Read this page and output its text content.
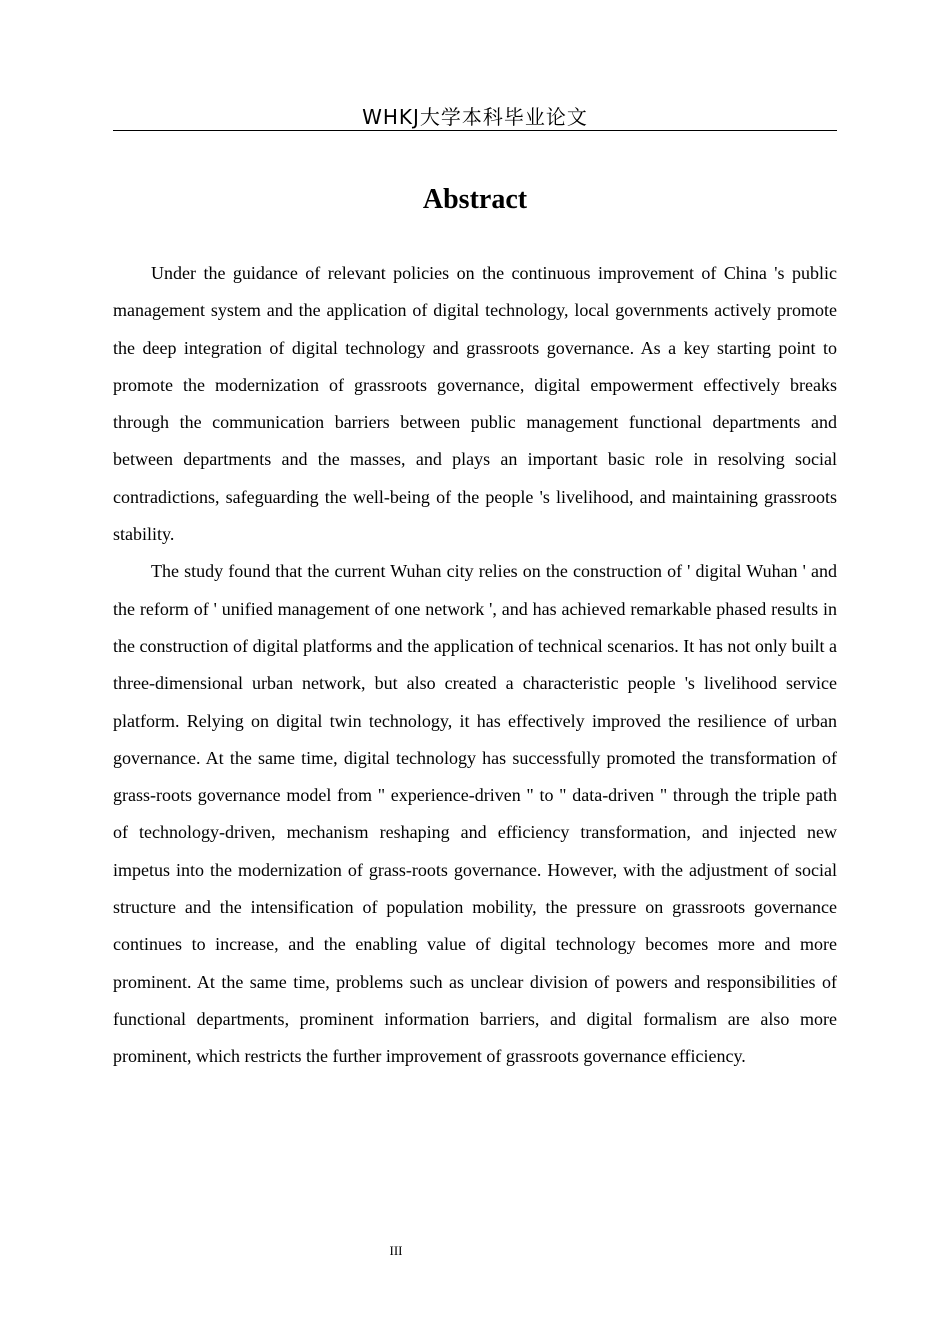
WHKJ大学本科毕业论文
Abstract

Under the guidance of relevant policies on the continuous improvement of China 's public management system and the application of digital technology, local governments actively promote the deep integration of digital technology and grassroots governance. As a key starting point to promote the modernization of grassroots governance, digital empowerment effectively breaks through the communication barriers between public management functional departments and between departments and the masses, and plays an important basic role in resolving social contradictions, safeguarding the well-being of the people 's livelihood, and maintaining grassroots stability.

The study found that the current Wuhan city relies on the construction of ' digital Wuhan ' and the reform of ' unified management of one network ', and has achieved remarkable phased results in the construction of digital platforms and the application of technical scenarios. It has not only built a three-dimensional urban network, but also created a characteristic people 's livelihood service platform. Relying on digital twin technology, it has effectively improved the resilience of urban governance. At the same time, digital technology has successfully promoted the transformation of grass-roots governance model from " experience-driven " to " data-driven " through the triple path of technology-driven, mechanism reshaping and efficiency transformation, and injected new impetus into the modernization of grass-roots governance. However, with the adjustment of social structure and the intensification of population mobility, the pressure on grassroots governance continues to increase, and the enabling value of digital technology becomes more and more prominent. At the same time, problems such as unclear division of powers and responsibilities of functional departments, prominent information barriers, and digital formalism are also more prominent, which restricts the further improvement of grassroots governance efficiency.

III
